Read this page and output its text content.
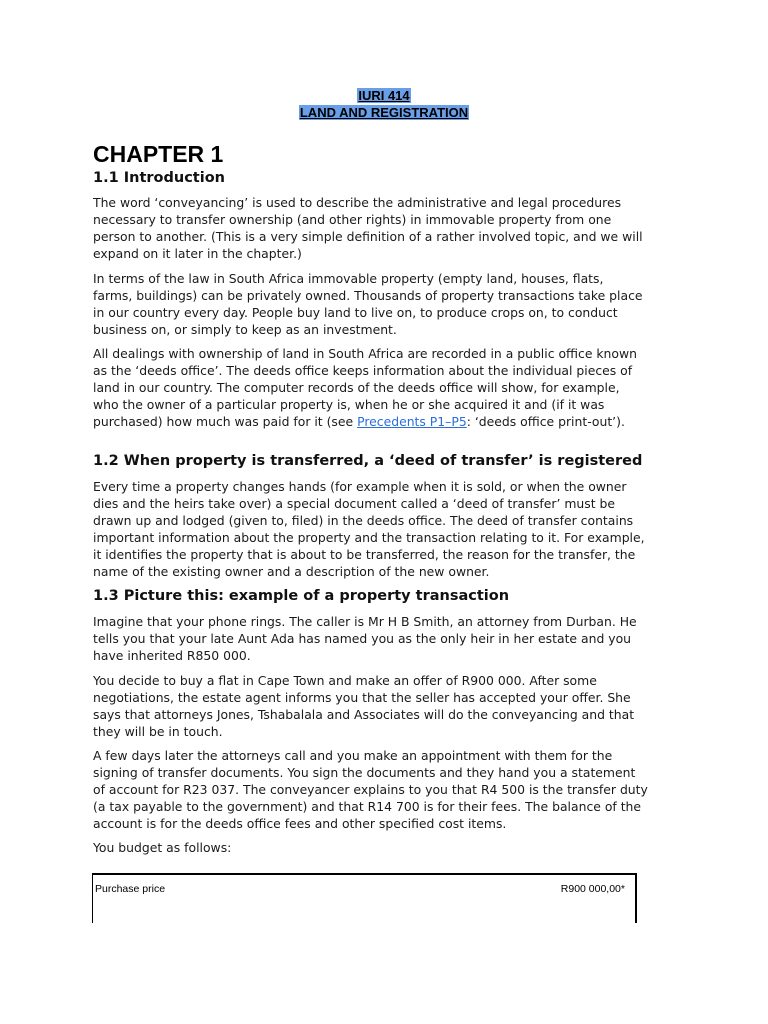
IURI 414
LAND AND REGISTRATION
CHAPTER 1
1.1 Introduction

The word ‘conveyancing’ is used to describe the administrative and legal procedures
necessary to transfer ownership (and other rights) in immovable property from one
person to another. (This is a very simple definition of a rather involved topic, and we will
expand on it later in the chapter.)

In terms of the law in South Africa immovable property (empty land, houses, flats,
farms, buildings) can be privately owned. Thousands of property transactions take place
in our country every day. People buy land to live on, to produce crops on, to conduct
business on, or simply to keep as an investment.

All dealings with ownership of land in South Africa are recorded in a public office known
as the ‘deeds office’. The deeds office keeps information about the individual pieces of
land in our country. The computer records of the deeds office will show, for example,
who the owner of a particular property is, when he or she acquired it and (if it was
purchased) how much was paid for it (see Precedents P1–P5: ‘deeds office print-out’).

1.2 When property is transferred, a ‘deed of transfer’ is registered

Every time a property changes hands (for example when it is sold, or when the owner
dies and the heirs take over) a special document called a ‘deed of transfer’ must be
drawn up and lodged (given to, filed) in the deeds office. The deed of transfer contains
important information about the property and the transaction relating to it. For example,
it identifies the property that is about to be transferred, the reason for the transfer, the
name of the existing owner and a description of the new owner.

1.3 Picture this: example of a property transaction

Imagine that your phone rings. The caller is Mr H B Smith, an attorney from Durban. He
tells you that your late Aunt Ada has named you as the only heir in her estate and you
have inherited R850 000.

You decide to buy a flat in Cape Town and make an offer of R900 000. After some
negotiations, the estate agent informs you that the seller has accepted your offer. She
says that attorneys Jones, Tshabalala and Associates will do the conveyancing and that
they will be in touch.

A few days later the attorneys call and you make an appointment with them for the
signing of transfer documents. You sign the documents and they hand you a statement
of account for R23 037. The conveyancer explains to you that R4 500 is the transfer duty
(a tax payable to the government) and that R14 700 is for their fees. The balance of the
account is for the deeds office fees and other specified cost items.

You budget as follows:

Purchase price	R900 000,00*
